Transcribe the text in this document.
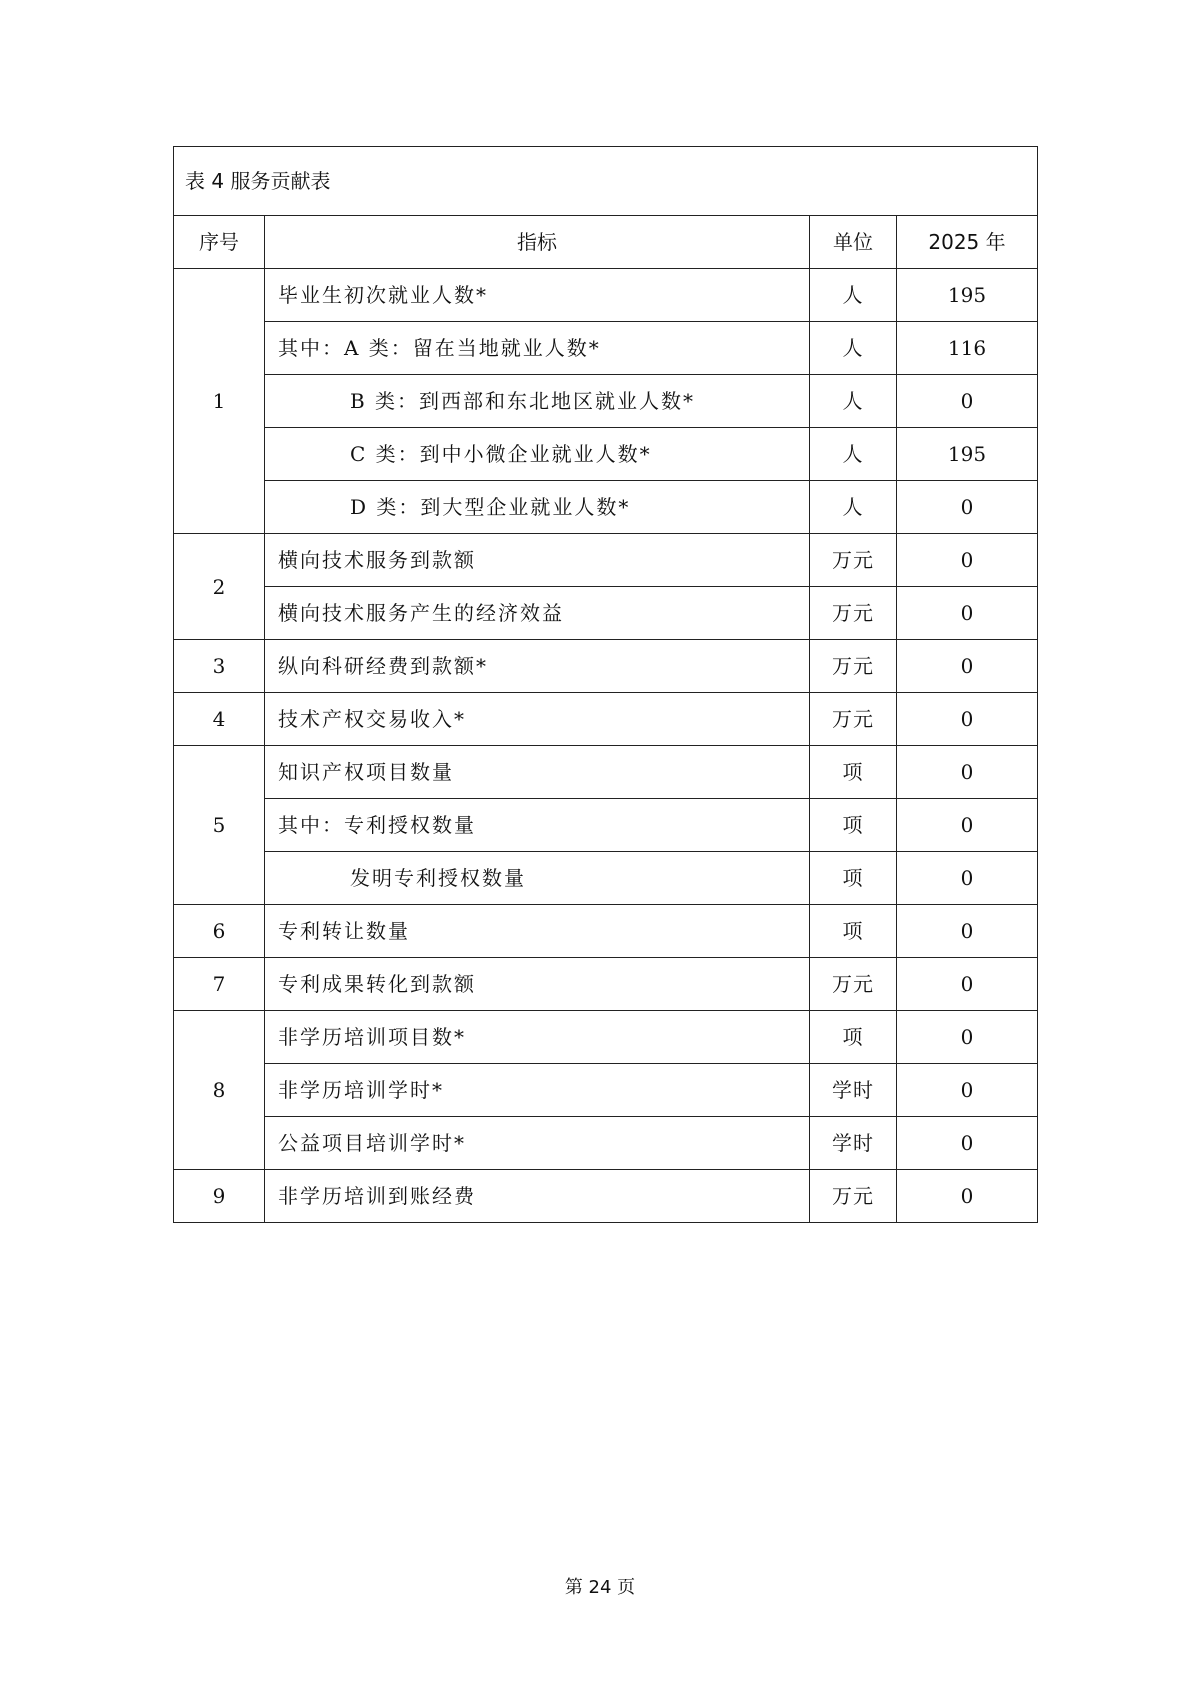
表 4 服务贡献表			
序号	指标	单位	2025 年
1	毕业生初次就业人数*	人	195
	其中：A 类：留在当地就业人数*	人	116
	B 类：到西部和东北地区就业人数*	人	0
	C 类：到中小微企业就业人数*	人	195
	D 类：到大型企业就业人数*	人	0
2	横向技术服务到款额	万元	0
	横向技术服务产生的经济效益	万元	0
3	纵向科研经费到款额*	万元	0
4	技术产权交易收入*	万元	0
5	知识产权项目数量	项	0
	其中：专利授权数量	项	0
	发明专利授权数量	项	0
6	专利转让数量	项	0
7	专利成果转化到款额	万元	0
8	非学历培训项目数*	项	0
	非学历培训学时*	学时	0
	公益项目培训学时*	学时	0
9	非学历培训到账经费	万元	0
第 24 页
